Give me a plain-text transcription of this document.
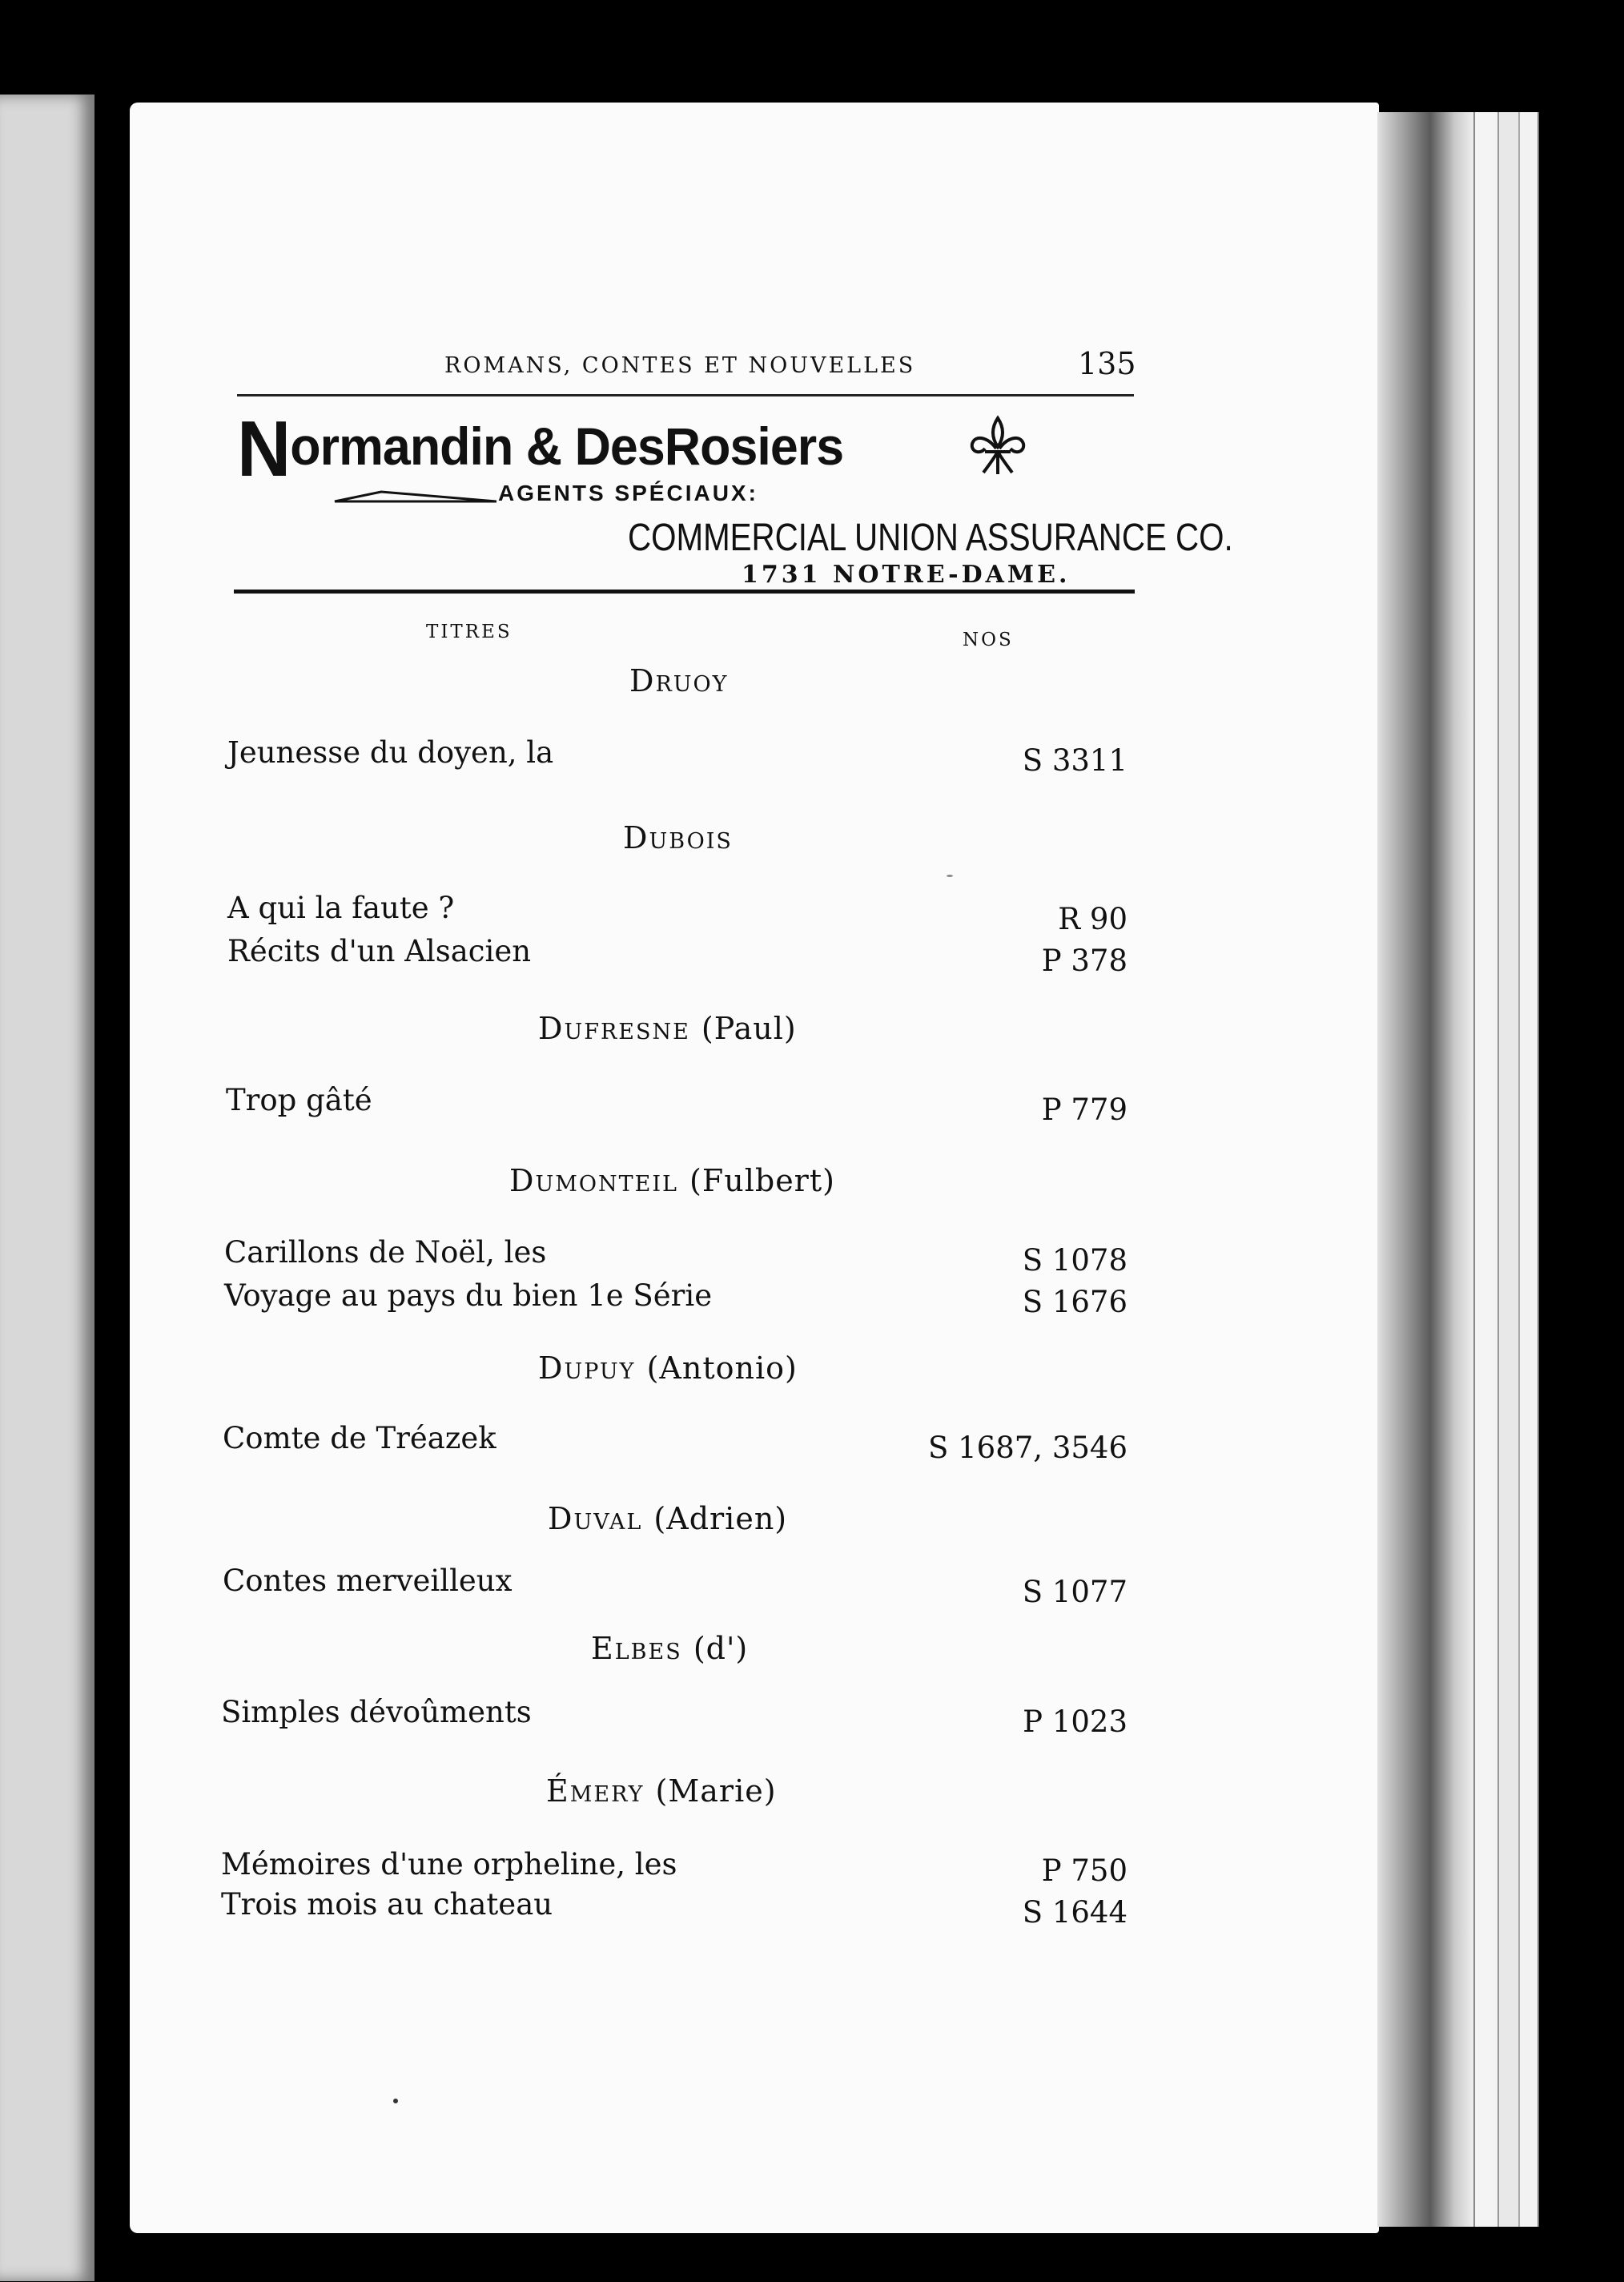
ROMANS, CONTES ET NOUVELLES	135
Normandin & DesRosiers
AGENTS SPÉCIAUX:
COMMERCIAL UNION ASSURANCE CO.
1731 NOTRE-DAME.
TITRES	NOS
Druoy
Jeunesse du doyen, la	S 3311
Dubois
A qui la faute ?	R 90
Récits d'un Alsacien	P 378
Dufresne (Paul)
Trop gâté	P 779
Dumonteil (Fulbert)
Carillons de Noël, les	S 1078
Voyage au pays du bien 1e Série	S 1676
Dupuy (Antonio)
Comte de Tréazek	S 1687, 3546
Duval (Adrien)
Contes merveilleux	S 1077
Elbes (d')
Simples dévoûments	P 1023
Émery (Marie)
Mémoires d'une orpheline, les	P 750
Trois mois au chateau	S 1644
